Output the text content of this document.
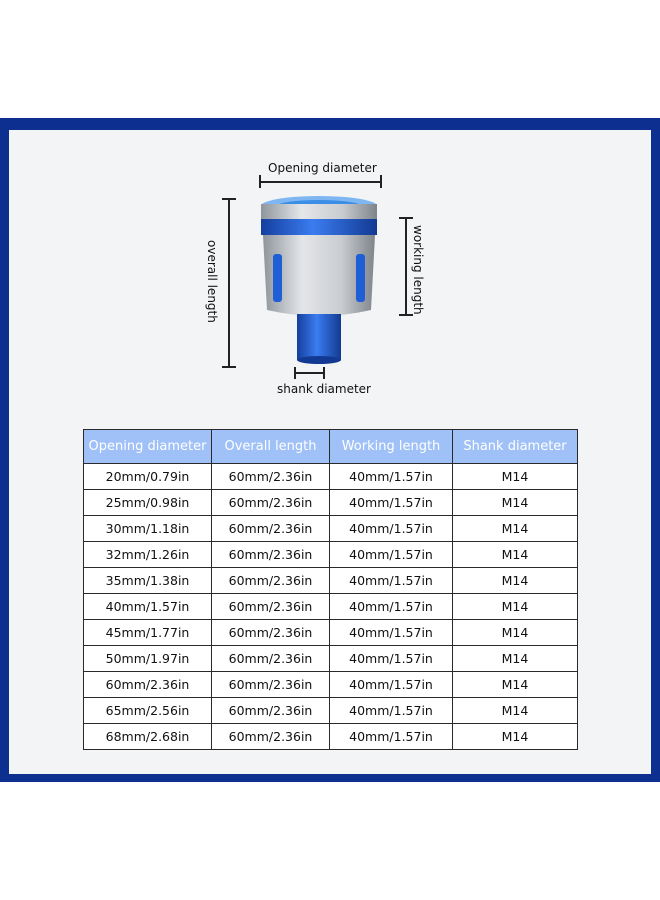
Opening diameter
overall length	working length
shank diameter
Opening diameter	Overall length	Working length	Shank diameter
20mm/0.79in	60mm/2.36in	40mm/1.57in	M14
25mm/0.98in	60mm/2.36in	40mm/1.57in	M14
30mm/1.18in	60mm/2.36in	40mm/1.57in	M14
32mm/1.26in	60mm/2.36in	40mm/1.57in	M14
35mm/1.38in	60mm/2.36in	40mm/1.57in	M14
40mm/1.57in	60mm/2.36in	40mm/1.57in	M14
45mm/1.77in	60mm/2.36in	40mm/1.57in	M14
50mm/1.97in	60mm/2.36in	40mm/1.57in	M14
60mm/2.36in	60mm/2.36in	40mm/1.57in	M14
65mm/2.56in	60mm/2.36in	40mm/1.57in	M14
68mm/2.68in	60mm/2.36in	40mm/1.57in	M14
